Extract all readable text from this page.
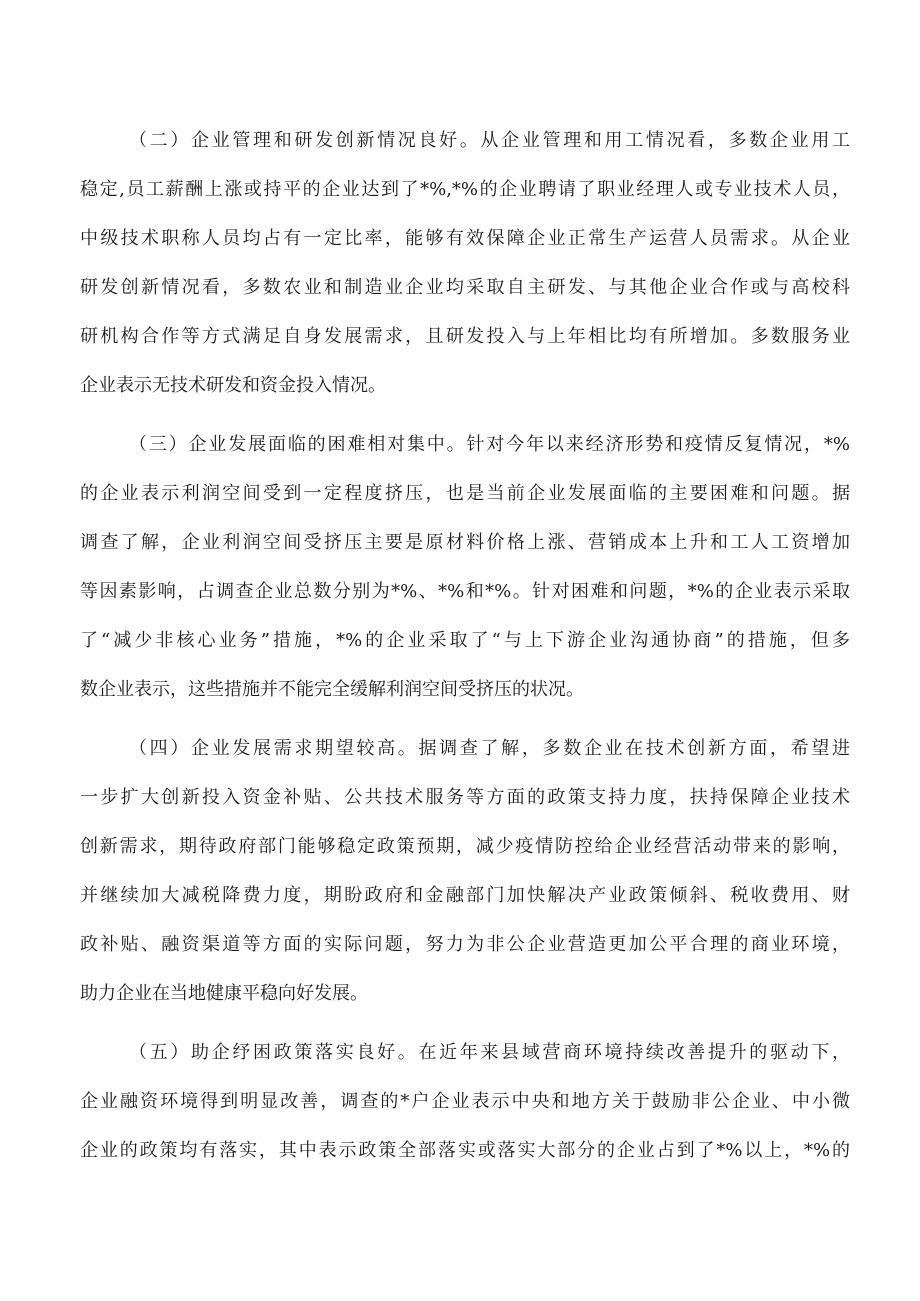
（二）企业管理和研发创新情况良好。从企业管理和用工情况看，多数企业用工
稳定,员工薪酬上涨或持平的企业达到了*%,*%的企业聘请了职业经理人或专业技术人员，
中级技术职称人员均占有一定比率，能够有效保障企业正常生产运营人员需求。从企业
研发创新情况看，多数农业和制造业企业均采取自主研发、与其他企业合作或与高校科
研机构合作等方式满足自身发展需求，且研发投入与上年相比均有所增加。多数服务业
企业表示无技术研发和资金投入情况。
（三）企业发展面临的困难相对集中。针对今年以来经济形势和疫情反复情况，*%
的企业表示利润空间受到一定程度挤压，也是当前企业发展面临的主要困难和问题。据
调查了解，企业利润空间受挤压主要是原材料价格上涨、营销成本上升和工人工资增加
等因素影响，占调查企业总数分别为*%、*%和*%。针对困难和问题，*%的企业表示采取
了“减少非核心业务”措施，*%的企业采取了“与上下游企业沟通协商”的措施，但多
数企业表示，这些措施并不能完全缓解利润空间受挤压的状况。
（四）企业发展需求期望较高。据调查了解，多数企业在技术创新方面，希望进
一步扩大创新投入资金补贴、公共技术服务等方面的政策支持力度，扶持保障企业技术
创新需求，期待政府部门能够稳定政策预期，减少疫情防控给企业经营活动带来的影响，
并继续加大减税降费力度，期盼政府和金融部门加快解决产业政策倾斜、税收费用、财
政补贴、融资渠道等方面的实际问题，努力为非公企业营造更加公平合理的商业环境，
助力企业在当地健康平稳向好发展。
（五）助企纾困政策落实良好。在近年来县域营商环境持续改善提升的驱动下，
企业融资环境得到明显改善，调查的*户企业表示中央和地方关于鼓励非公企业、中小微
企业的政策均有落实，其中表示政策全部落实或落实大部分的企业占到了*%以上，*%的
